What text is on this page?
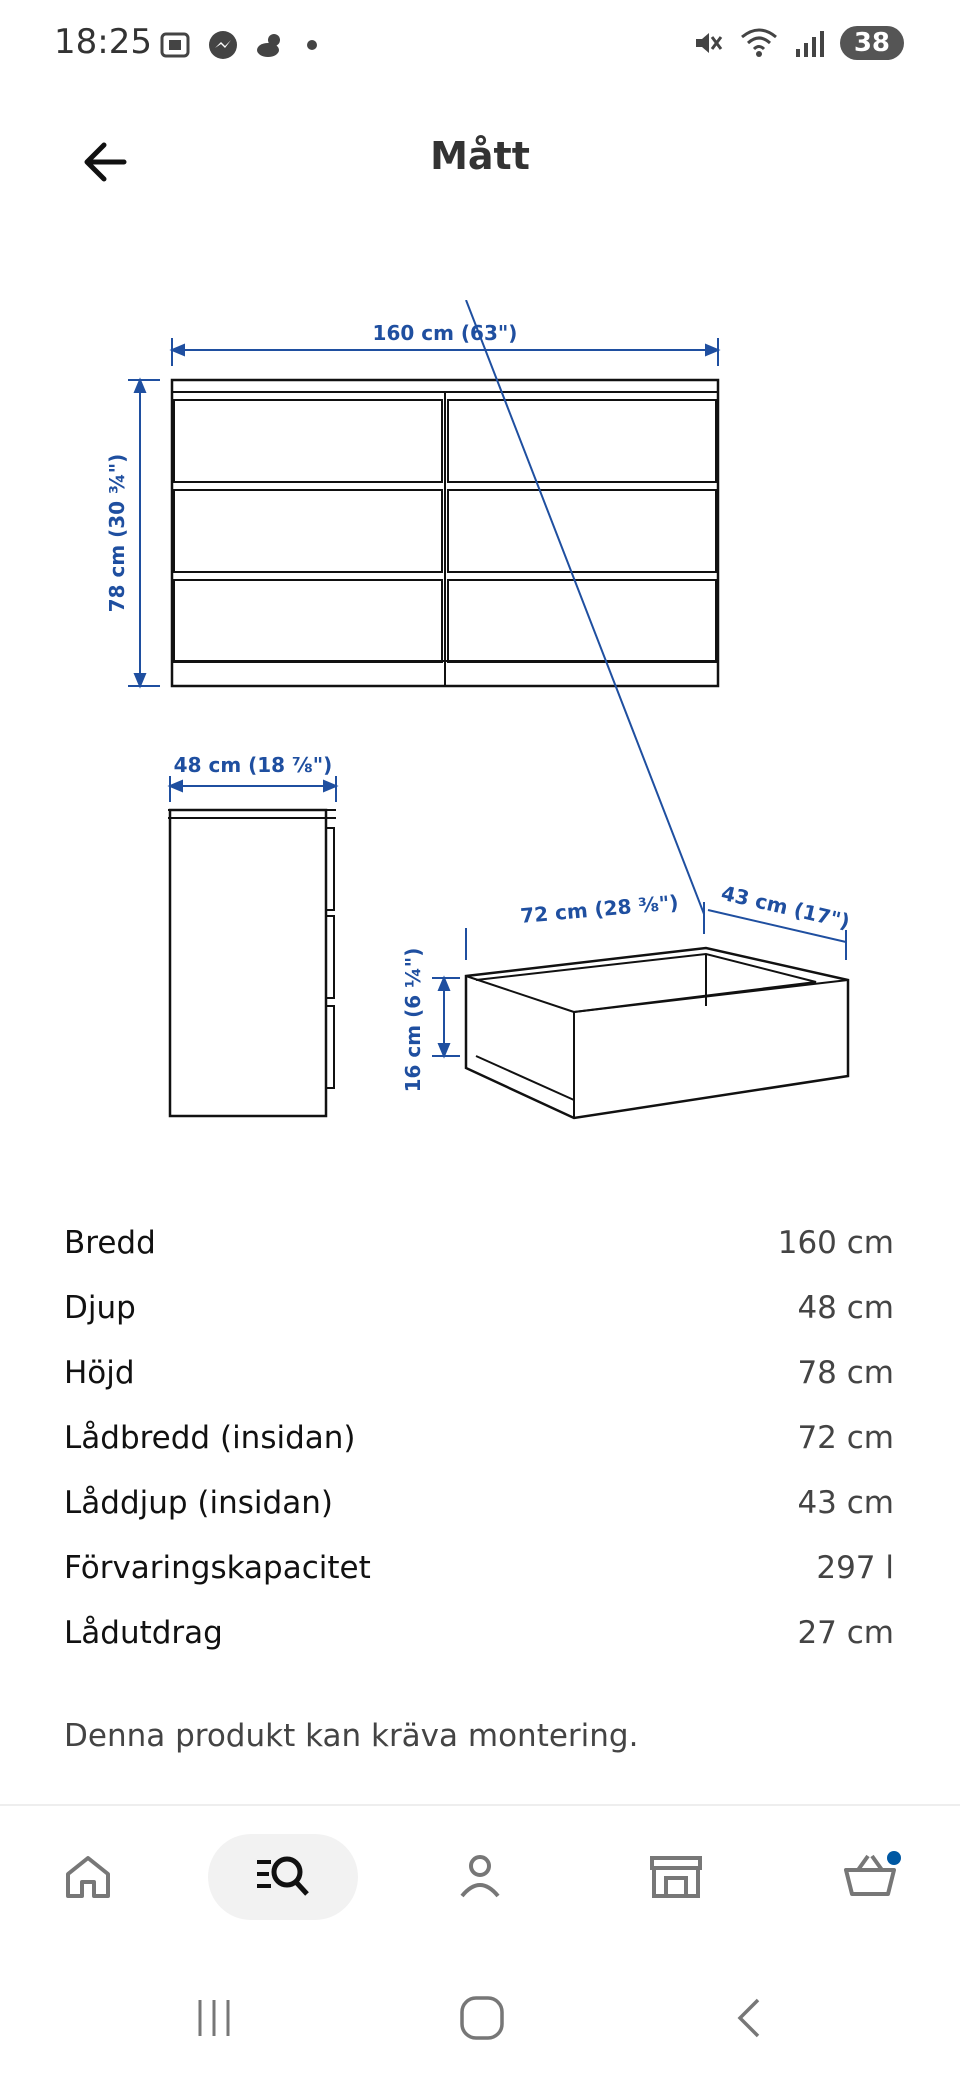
18:25	38
Mått
160 cm (63")
78 cm (30 ¾")
48 cm (18 ⅞")
72 cm (28 ⅜") 43 cm (17")
16 cm (6 ¼")
Bredd	160 cm
Djup	48 cm
Höjd	78 cm
Lådbredd (insidan)	72 cm
Låddjup (insidan)	43 cm
Förvaringskapacitet	297 l
Lådutdrag	27 cm
Denna produkt kan kräva montering.
